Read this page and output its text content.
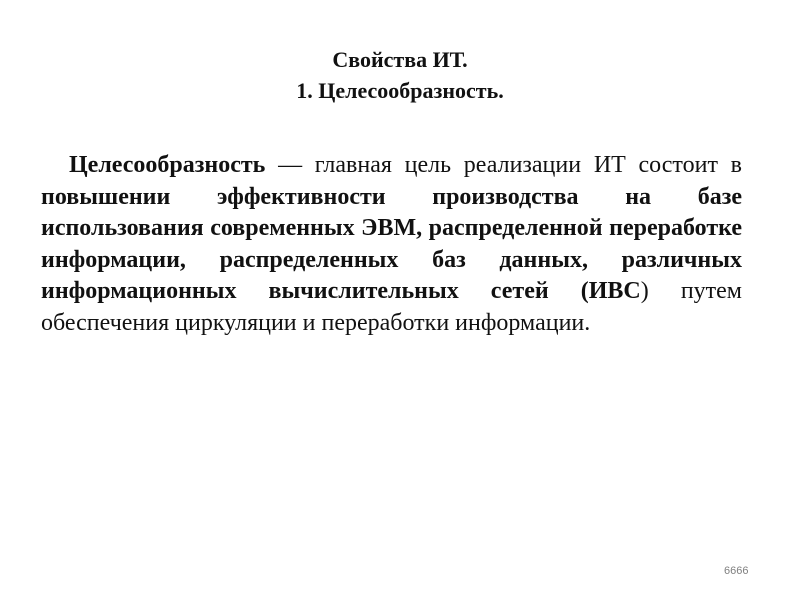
Свойства ИТ.
1. Целесообразность.

Целесообразность — главная цель реализации ИТ состоит в повышении эффективности производства на базе использования современных ЭВМ, распределенной переработке информации, распределенных баз данных, различных информационных вычислительных сетей (ИВС) путем обеспечения циркуляции и переработки информации.

6666
